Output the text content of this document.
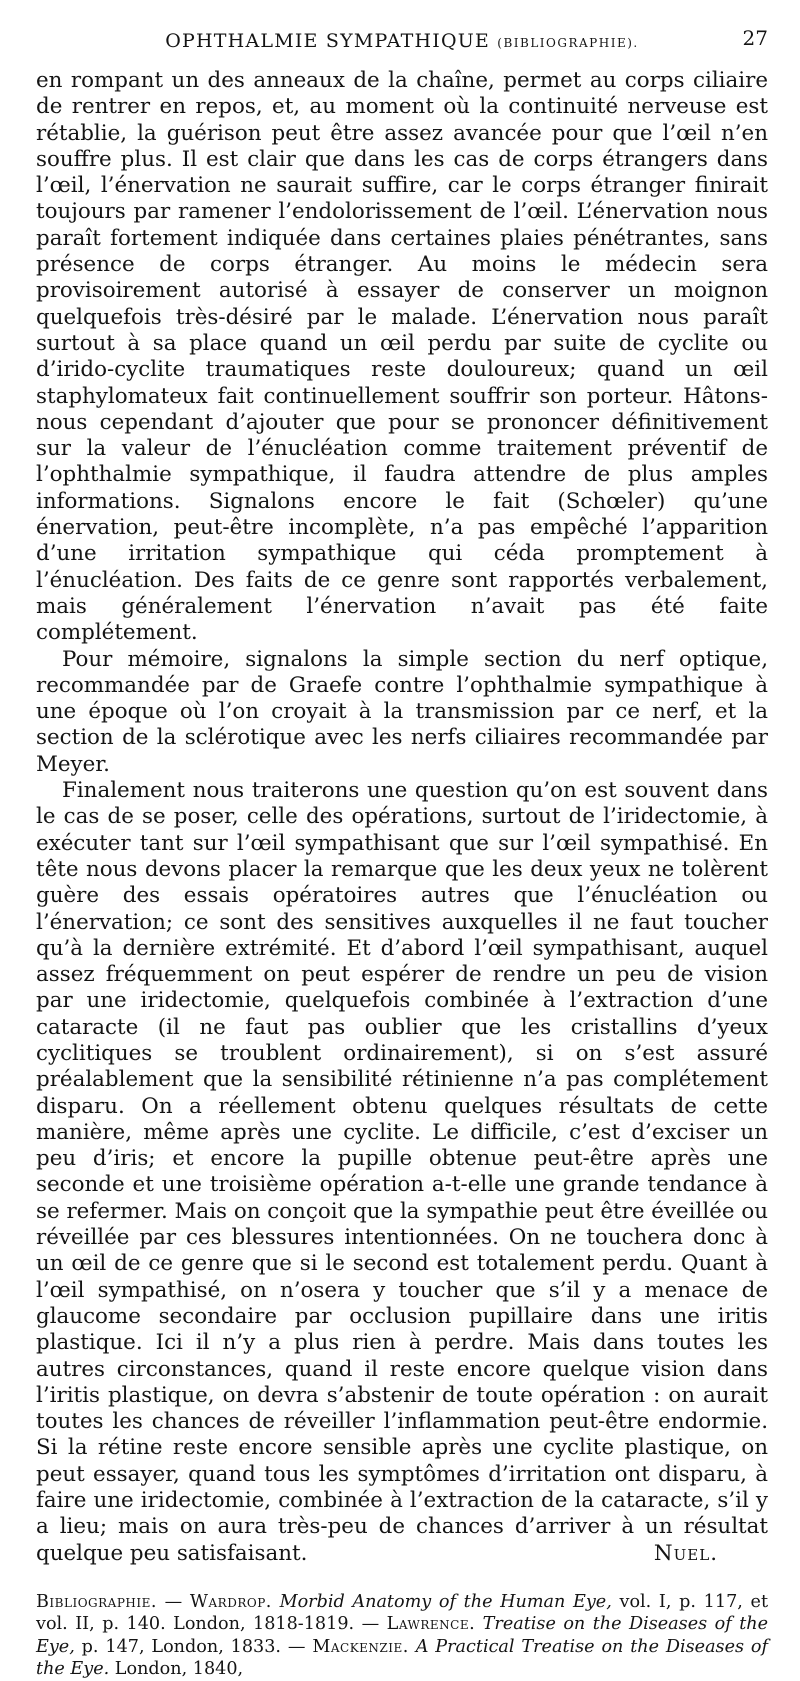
OPHTHALMIE SYMPATHIQUE (BIBLIOGRAPHIE).	27

en rompant un des anneaux de la chaîne, permet au corps ciliaire de rentrer en repos, et, au moment où la continuité nerveuse est rétablie, la guérison peut être assez avancée pour que l’œil n’en souffre plus. Il est clair que dans les cas de corps étrangers dans l’œil, l’énervation ne saurait suffire, car le corps étranger finirait toujours par ramener l’endolorissement de l’œil. L’énervation nous paraît fortement indiquée dans certaines plaies pénétrantes, sans présence de corps étranger. Au moins le médecin sera provisoirement autorisé à essayer de conserver un moignon quelquefois très-désiré par le malade. L’énervation nous paraît surtout à sa place quand un œil perdu par suite de cyclite ou d’irido-cyclite traumatiques reste douloureux; quand un œil staphylomateux fait continuellement souffrir son porteur. Hâtons-nous cependant d’ajouter que pour se prononcer définitivement sur la valeur de l’énucléation comme traitement préventif de l’ophthalmie sympathique, il faudra attendre de plus amples informations. Signalons encore le fait (Schœler) qu’une énervation, peut-être incomplète, n’a pas empêché l’apparition d’une irritation sympathique qui céda promptement à l’énucléation. Des faits de ce genre sont rapportés verbalement, mais généralement l’énervation n’avait pas été faite complétement.

Pour mémoire, signalons la simple section du nerf optique, recommandée par de Graefe contre l’ophthalmie sympathique à une époque où l’on croyait à la transmission par ce nerf, et la section de la sclérotique avec les nerfs ciliaires recommandée par Meyer.

Finalement nous traiterons une question qu’on est souvent dans le cas de se poser, celle des opérations, surtout de l’iridectomie, à exécuter tant sur l’œil sympathisant que sur l’œil sympathisé. En tête nous devons placer la remarque que les deux yeux ne tolèrent guère des essais opératoires autres que l’énucléation ou l’énervation; ce sont des sensitives auxquelles il ne faut toucher qu’à la dernière extrémité. Et d’abord l’œil sympathisant, auquel assez fréquemment on peut espérer de rendre un peu de vision par une iridectomie, quelquefois combinée à l’extraction d’une cataracte (il ne faut pas oublier que les cristallins d’yeux cyclitiques se troublent ordinairement), si on s’est assuré préalablement que la sensibilité rétinienne n’a pas complétement disparu. On a réellement obtenu quelques résultats de cette manière, même après une cyclite. Le difficile, c’est d’exciser un peu d’iris; et encore la pupille obtenue peut-être après une seconde et une troisième opération a-t-elle une grande tendance à se refermer. Mais on conçoit que la sympathie peut être éveillée ou réveillée par ces blessures intentionnées. On ne touchera donc à un œil de ce genre que si le second est totalement perdu. Quant à l’œil sympathisé, on n’osera y toucher que s’il y a menace de glaucome secondaire par occlusion pupillaire dans une iritis plastique. Ici il n’y a plus rien à perdre. Mais dans toutes les autres circonstances, quand il reste encore quelque vision dans l’iritis plastique, on devra s’abstenir de toute opération : on aurait toutes les chances de réveiller l’inflammation peut-être endormie. Si la rétine reste encore sensible après une cyclite plastique, on peut essayer, quand tous les symptômes d’irritation ont disparu, à faire une iridectomie, combinée à l’extraction de la cataracte, s’il y a lieu; mais on aura très-peu de chances d’arriver à un résultat quelque peu satisfaisant.	Nuel.

Bibliographie. — Wardrop. Morbid Anatomy of the Human Eye, vol. I, p. 117, et vol. II, p. 140. London, 1818-1819. — Lawrence. Treatise on the Diseases of the Eye, p. 147, London, 1833. — Mackenzie. A Practical Treatise on the Diseases of the Eye. London, 1840,
